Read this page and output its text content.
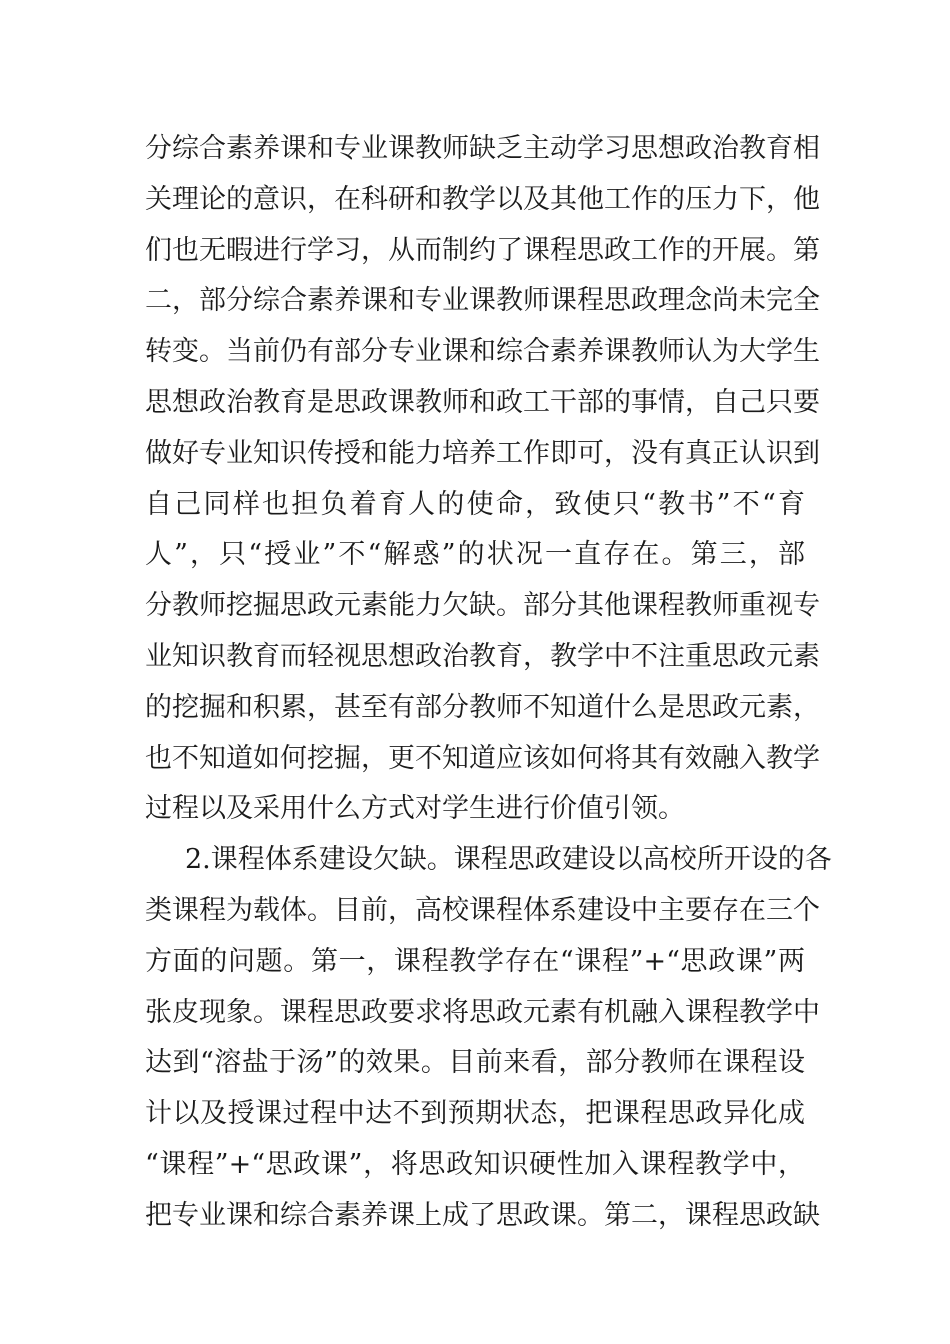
分综合素养课和专业课教师缺乏主动学习思想政治教育相
关理论的意识，在科研和教学以及其他工作的压力下，他
们也无暇进行学习，从而制约了课程思政工作的开展。第
二，部分综合素养课和专业课教师课程思政理念尚未完全
转变。当前仍有部分专业课和综合素养课教师认为大学生
思想政治教育是思政课教师和政工干部的事情，自己只要
做好专业知识传授和能力培养工作即可，没有真正认识到
自己同样也担负着育人的使命，致使只“教书”不“育
人”，只“授业”不“解惑”的状况一直存在。第三，部
分教师挖掘思政元素能力欠缺。部分其他课程教师重视专
业知识教育而轻视思想政治教育，教学中不注重思政元素
的挖掘和积累，甚至有部分教师不知道什么是思政元素，
也不知道如何挖掘，更不知道应该如何将其有效融入教学
过程以及采用什么方式对学生进行价值引领。
2.课程体系建设欠缺。课程思政建设以高校所开设的各
类课程为载体。目前，高校课程体系建设中主要存在三个
方面的问题。第一，课程教学存在“课程”+“思政课”两
张皮现象。课程思政要求将思政元素有机融入课程教学中
达到“溶盐于汤”的效果。目前来看，部分教师在课程设
计以及授课过程中达不到预期状态，把课程思政异化成
“课程”+“思政课”，将思政知识硬性加入课程教学中，
把专业课和综合素养课上成了思政课。第二，课程思政缺
